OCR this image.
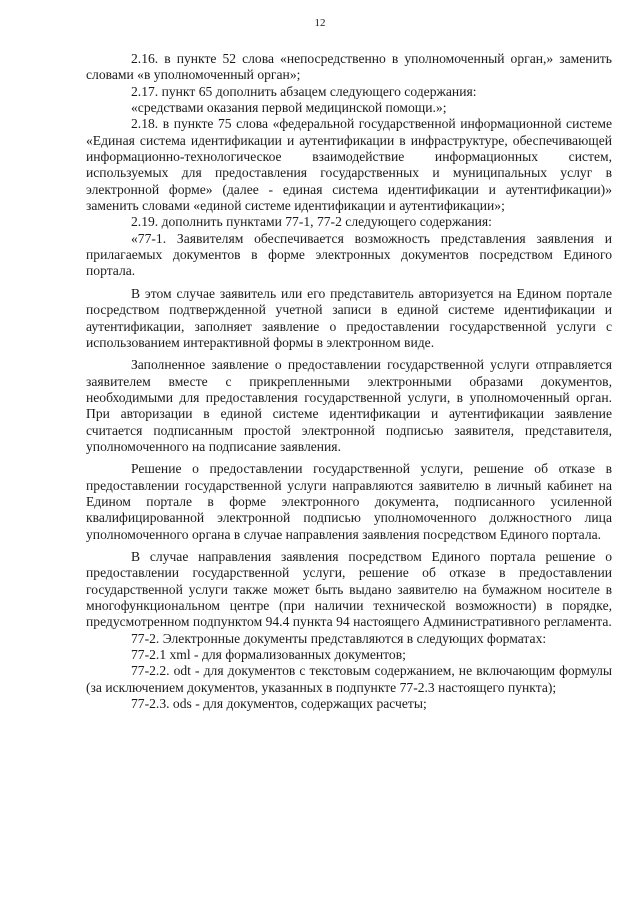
12

2.16. в пункте 52 слова «непосредственно в уполномоченный орган,» заменить словами «в уполномоченный орган»;

2.17. пункт 65 дополнить абзацем следующего содержания:

«средствами оказания первой медицинской помощи.»;

2.18. в пункте 75 слова «федеральной государственной информационной системе «Единая система идентификации и аутентификации в инфраструктуре, обеспечивающей информационно-технологическое взаимодействие информационных систем, используемых для предоставления государственных и муниципальных услуг в электронной форме» (далее - единая система идентификации и аутентификации)» заменить словами «единой системе идентификации и аутентификации»;

2.19. дополнить пунктами 77-1, 77-2 следующего содержания:

«77-1. Заявителям обеспечивается возможность представления заявления и прилагаемых документов в форме электронных документов посредством Единого портала.

В этом случае заявитель или его представитель авторизуется на Едином портале посредством подтвержденной учетной записи в единой системе идентификации и аутентификации, заполняет заявление о предоставлении государственной услуги с использованием интерактивной формы в электронном виде.

Заполненное заявление о предоставлении государственной услуги отправляется заявителем вместе с прикрепленными электронными образами документов, необходимыми для предоставления государственной услуги, в уполномоченный орган. При авторизации в единой системе идентификации и аутентификации заявление считается подписанным простой электронной подписью заявителя, представителя, уполномоченного на подписание заявления.

Решение о предоставлении государственной услуги, решение об отказе в предоставлении государственной услуги направляются заявителю в личный кабинет на Едином портале в форме электронного документа, подписанного усиленной квалифицированной электронной подписью уполномоченного должностного лица уполномоченного органа в случае направления заявления посредством Единого портала.

В случае направления заявления посредством Единого портала решение о предоставлении государственной услуги, решение об отказе в предоставлении государственной услуги также может быть выдано заявителю на бумажном носителе в многофункциональном центре (при наличии технической возможности) в порядке, предусмотренном подпунктом 94.4 пункта 94 настоящего Административного регламента.

77-2. Электронные документы представляются в следующих форматах:

77-2.1 xml - для формализованных документов;

77-2.2. odt - для документов с текстовым содержанием, не включающим формулы (за исключением документов, указанных в подпункте 77-2.3 настоящего пункта);

77-2.3. ods - для документов, содержащих расчеты;
